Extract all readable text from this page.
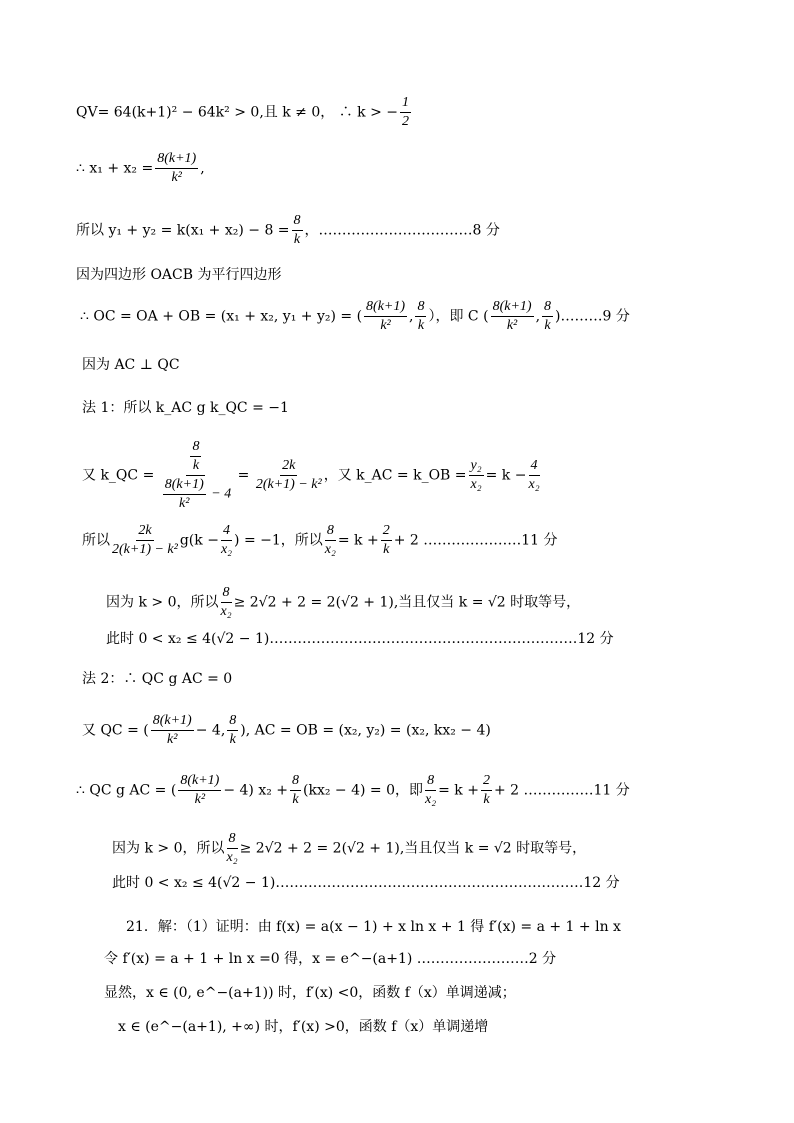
QV= 64(k+1)² − 64k² > 0,且 k ≠ 0， ∴ k > − $\frac{1}{2}$
∴ $x_1 + x_2 = \frac{8(k+1)}{\text{k²}}$ ,
所以 $y_1 + y_2 = k(x_1 + x_2) - 8 = \frac{8}{k}$ ，……………………………8 分
因为四边形 OACB 为平行四边形
∴ OC = OA + OB = (x₁ + x₂, y₁ + y₂) = ( $\frac{8(k+1)}{\text{k²}}$ , $\frac{8}{k}$ ），即 C ( $\frac{8(k+1)}{\text{k²}}$ , $\frac{8}{k}$ )………9 分
因为 AC ⊥ QC
法 1：所以 k_AC g k_QC = −1
又 k_QC = $\frac{\frac{8}{k}}{\frac{8(k+1)}{\text{k²}} - 4} = \frac{2k}{\text{2(k+1) − k²}}$ ，又 k_AC = k_OB = $\frac{\text{y₂}}{\text{x₂}} = k - \frac{4}{\text{x₂}}$
所以 $\frac{2k}{\text{2(k+1) − k²}} g(k - \frac{4}{\text{x₂}}$ ) = −1，所以 $\frac{8}{\text{x₂}} = k + \frac{2}{k} + 2$ …………………11 分
因为 k > 0，所以 $\frac{8}{\text{x₂}} \ge 2√2 + 2 = 2(√2 + 1)$,当且仅当 k = √2 时取等号，
此时 0 < x₂ ≤ 4(√2 − 1)…………………………………………………………12 分
法 2：∴ QC g AC = 0
又 QC = ( $\frac{8(k+1)}{\text{k²}} - 4$, $\frac{8}{k}$ ), AC = OB = (x₂, y₂) = (x₂, kx₂ − 4)
∴ QC g AC = ( $\frac{8(k+1)}{\text{k²}} - 4$) $x_2 + \frac{8}{k} (kx_2 - 4) = 0$，即 $\frac{8}{\text{x₂}} = k + \frac{2}{k} + 2$ ……………11 分
因为 k > 0，所以 $\frac{8}{\text{x₂}} \ge 2√2 + 2 = 2(√2 + 1)$,当且仅当 k = √2 时取等号，
此时 0 < x₂ ≤ 4(√2 − 1)…………………………………………………………12 分
21．解：（1）证明：由 f(x) = a(x − 1) + x ln x + 1 得 f′(x) = a + 1 + ln x
令 f′(x) = a + 1 + ln x =0 得，x = e^−(a+1) ……………………2 分
显然，x ∈ (0, e^−(a+1)) 时，f′(x) <0，函数 f（x）单调递减；
x ∈ (e^−(a+1), +∞) 时，f′(x) >0，函数 f（x）单调递增
